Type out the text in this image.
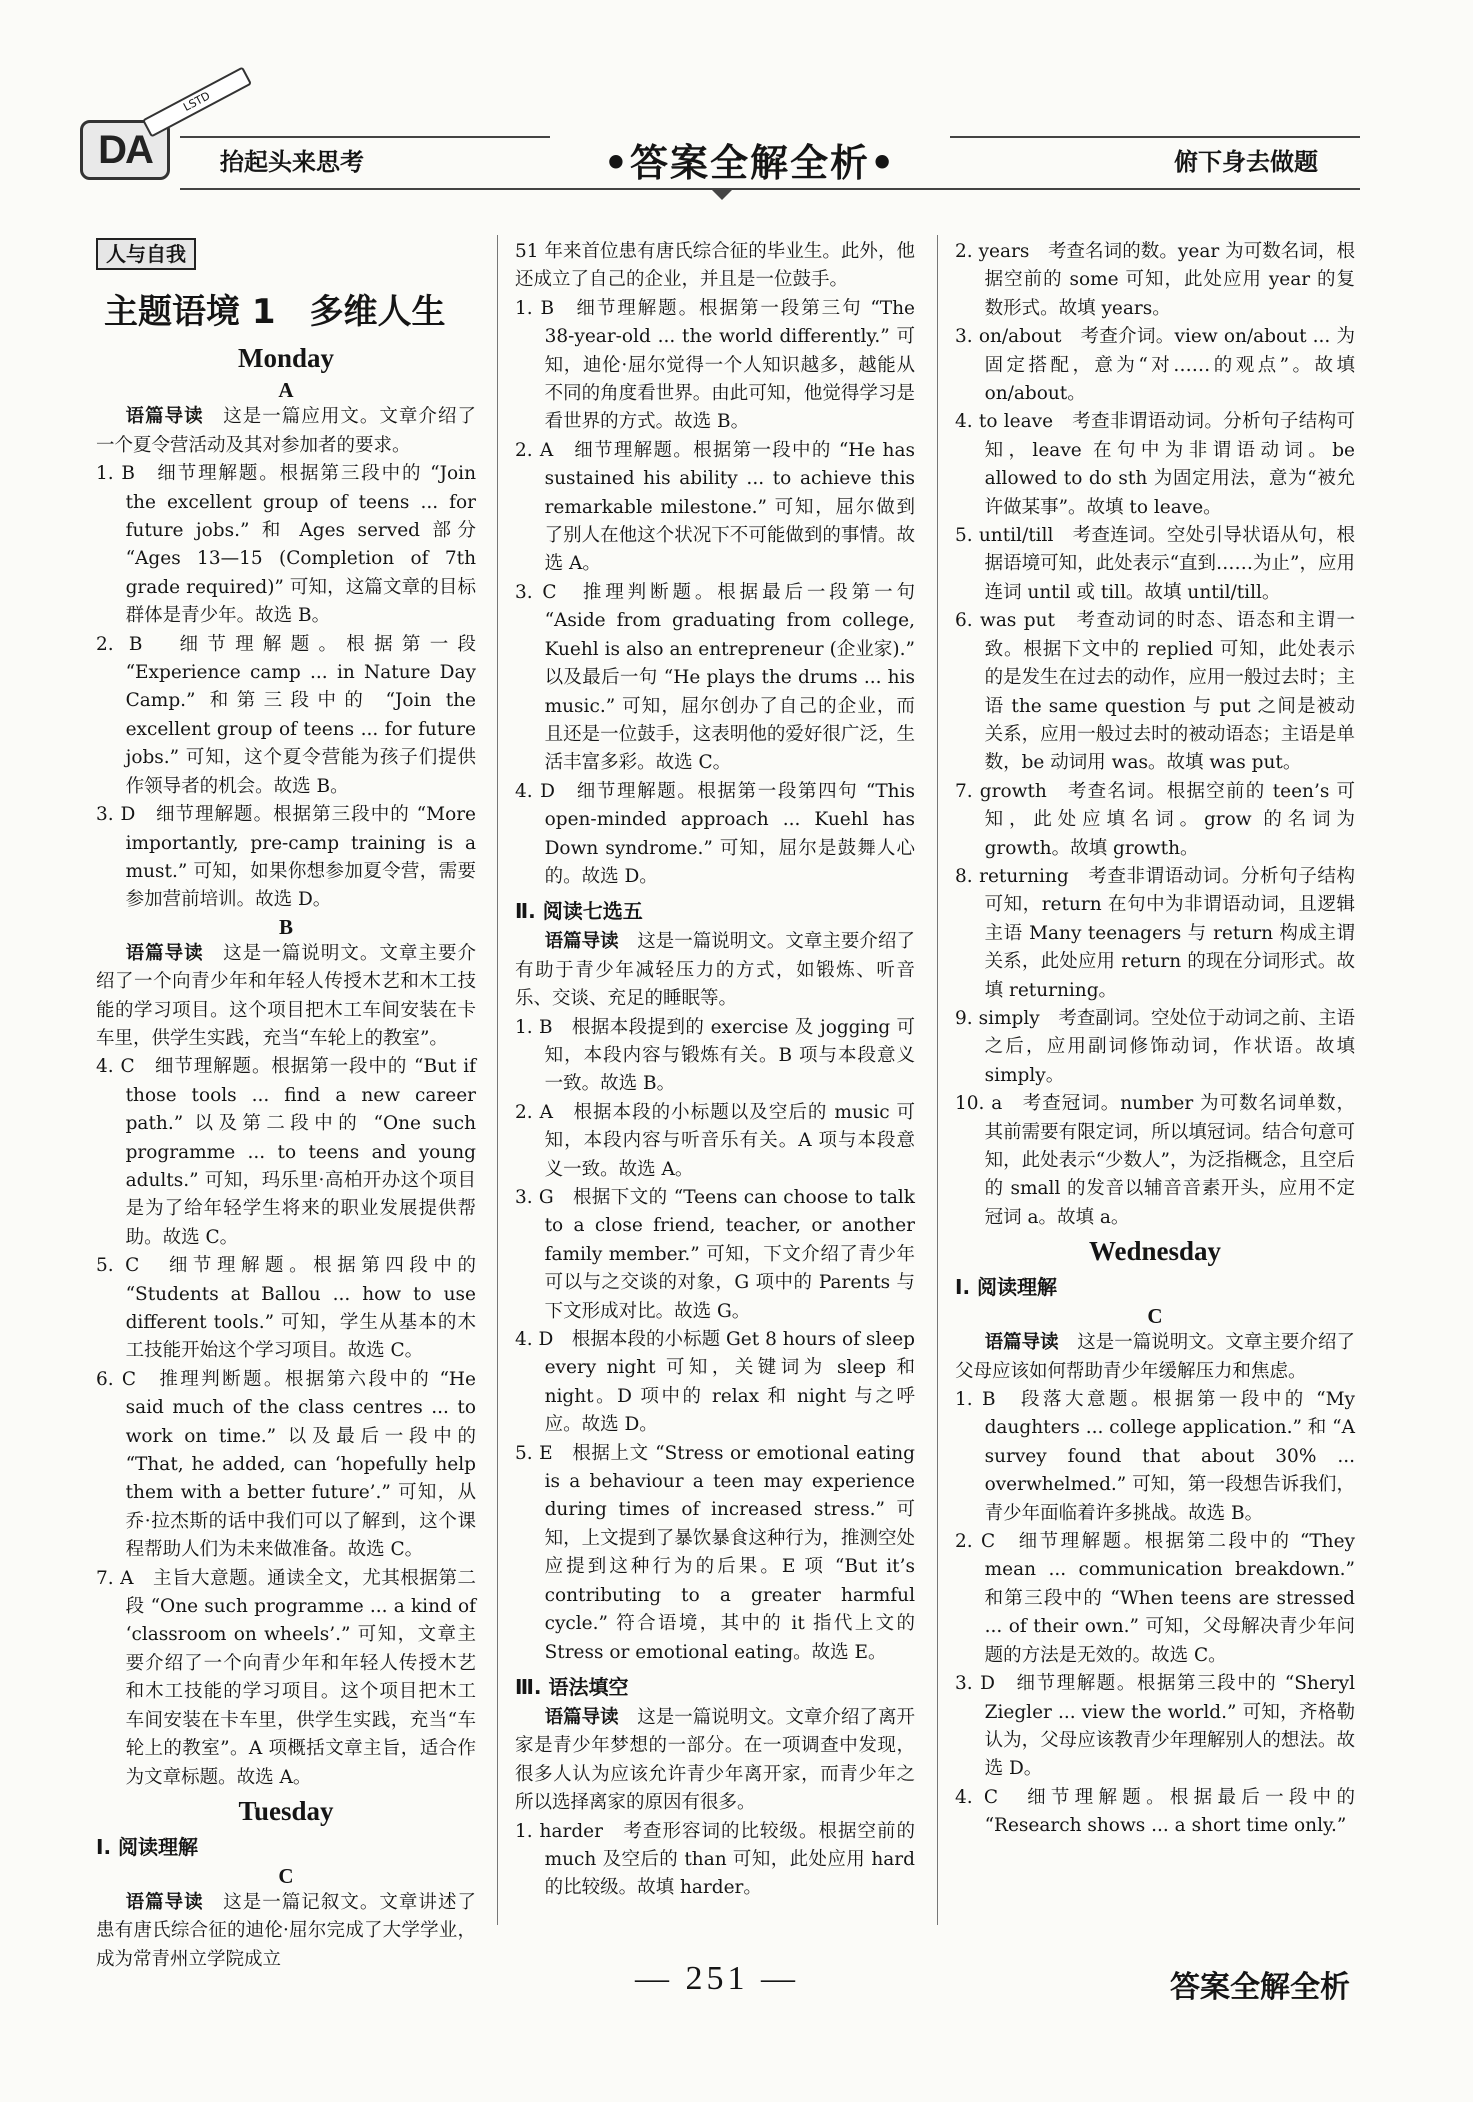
DA
LSTD
抬起头来思考	•答案全解全析•	俯下身去做题
人与自我
主题语境 1　多维人生
Monday
A

语篇导读　 这是一篇应用文。文章介绍了一个夏令营活动及其对参加者的要求。

1. B　细节理解题。根据第三段中的 “Join the excellent group of teens ... for future jobs.” 和 Ages served 部分 “Ages 13—15 (Completion of 7th grade required)” 可知，这篇文章的目标群体是青少年。故选 B。

2. B　细节理解题。根据第一段 “Experience camp ... in Nature Day Camp.” 和第三段中的 “Join the excellent group of teens ... for future jobs.” 可知，这个夏令营能为孩子们提供作领导者的机会。故选 B。

3. D　细节理解题。根据第三段中的 “More importantly, pre-camp training is a must.” 可知，如果你想参加夏令营，需要参加营前培训。故选 D。

B

语篇导读　 这是一篇说明文。文章主要介绍了一个向青少年和年轻人传授木艺和木工技能的学习项目。这个项目把木工车间安装在卡车里，供学生实践，充当“车轮上的教室”。

4. C　细节理解题。根据第一段中的 “But if those tools ... find a new career path.” 以及第二段中的 “One such programme ... to teens and young adults.” 可知，玛乐里·高柏开办这个项目是为了给年轻学生将来的职业发展提供帮助。故选 C。

5. C　细节理解题。根据第四段中的 “Students at Ballou ... how to use different tools.” 可知，学生从基本的木工技能开始这个学习项目。故选 C。

6. C　推理判断题。根据第六段中的 “He said much of the class centres ... to work on time.” 以及最后一段中的 “That, he added, can ‘hopefully help them with a better future’.” 可知，从乔·拉杰斯的话中我们可以了解到，这个课程帮助人们为未来做准备。故选 C。

7. A　主旨大意题。通读全文，尤其根据第二段 “One such programme ... a kind of ‘classroom on wheels’.” 可知，文章主要介绍了一个向青少年和年轻人传授木艺和木工技能的学习项目。这个项目把木工车间安装在卡车里，供学生实践，充当“车轮上的教室”。A 项概括文章主旨，适合作为文章标题。故选 A。

Tuesday
Ⅰ. 阅读理解
C

语篇导读　 这是一篇记叙文。文章讲述了患有唐氏综合征的迪伦·屈尔完成了大学学业，成为常青州立学院成立

51 年来首位患有唐氏综合征的毕业生。此外，他还成立了自己的企业，并且是一位鼓手。

1. B　细节理解题。根据第一段第三句 “The 38-year-old ... the world differently.” 可知，迪伦·屈尔觉得一个人知识越多，越能从不同的角度看世界。由此可知，他觉得学习是看世界的方式。故选 B。

2. A　细节理解题。根据第一段中的 “He has sustained his ability ... to achieve this remarkable milestone.” 可知，屈尔做到了别人在他这个状况下不可能做到的事情。故选 A。

3. C　推理判断题。根据最后一段第一句 “Aside from graduating from college, Kuehl is also an entrepreneur (企业家).” 以及最后一句 “He plays the drums ... his music.” 可知，屈尔创办了自己的企业，而且还是一位鼓手，这表明他的爱好很广泛，生活丰富多彩。故选 C。

4. D　细节理解题。根据第一段第四句 “This open-minded approach ... Kuehl has Down syndrome.” 可知，屈尔是鼓舞人心的。故选 D。

Ⅱ. 阅读七选五

语篇导读　 这是一篇说明文。文章主要介绍了有助于青少年减轻压力的方式，如锻炼、听音乐、交谈、充足的睡眠等。

1. B　根据本段提到的 exercise 及 jogging 可知，本段内容与锻炼有关。B 项与本段意义一致。故选 B。

2. A　根据本段的小标题以及空后的 music 可知，本段内容与听音乐有关。A 项与本段意义一致。故选 A。

3. G　根据下文的 “Teens can choose to talk to a close friend, teacher, or another family member.” 可知，下文介绍了青少年可以与之交谈的对象，G 项中的 Parents 与下文形成对比。故选 G。

4. D　根据本段的小标题 Get 8 hours of sleep every night 可知，关键词为 sleep 和 night。D 项中的 relax 和 night 与之呼应。故选 D。

5. E　根据上文 “Stress or emotional eating is a behaviour a teen may experience during times of increased stress.” 可知，上文提到了暴饮暴食这种行为，推测空处应提到这种行为的后果。E 项 “But it’s contributing to a greater harmful cycle.” 符合语境，其中的 it 指代上文的 Stress or emotional eating。故选 E。

Ⅲ. 语法填空

语篇导读　 这是一篇说明文。文章介绍了离开家是青少年梦想的一部分。在一项调查中发现，很多人认为应该允许青少年离开家，而青少年之所以选择离家的原因有很多。

1. harder　考查形容词的比较级。根据空前的 much 及空后的 than 可知，此处应用 hard 的比较级。故填 harder。

2. years　考查名词的数。year 为可数名词，根据空前的 some 可知，此处应用 year 的复数形式。故填 years。

3. on/about　考查介词。view on/about ... 为固定搭配，意为“对……的观点”。故填 on/about。

4. to leave　考查非谓语动词。分析句子结构可知，leave 在句中为非谓语动词。be allowed to do sth 为固定用法，意为“被允许做某事”。故填 to leave。

5. until/till　考查连词。空处引导状语从句，根据语境可知，此处表示“直到……为止”，应用连词 until 或 till。故填 until/till。

6. was put　考查动词的时态、语态和主谓一致。根据下文中的 replied 可知，此处表示的是发生在过去的动作，应用一般过去时；主语 the same question 与 put 之间是被动关系，应用一般过去时的被动语态；主语是单数，be 动词用 was。故填 was put。

7. growth　考查名词。根据空前的 teen’s 可知，此处应填名词。grow 的名词为 growth。故填 growth。

8. returning　考查非谓语动词。分析句子结构可知，return 在句中为非谓语动词，且逻辑主语 Many teenagers 与 return 构成主谓关系，此处应用 return 的现在分词形式。故填 returning。

9. simply　考查副词。空处位于动词之前、主语之后，应用副词修饰动词，作状语。故填 simply。

10. a　考查冠词。number 为可数名词单数，其前需要有限定词，所以填冠词。结合句意可知，此处表示“少数人”，为泛指概念，且空后的 small 的发音以辅音音素开头，应用不定冠词 a。故填 a。

Wednesday
Ⅰ. 阅读理解
C

语篇导读　 这是一篇说明文。文章主要介绍了父母应该如何帮助青少年缓解压力和焦虑。

1. B　段落大意题。根据第一段中的 “My daughters ... college application.” 和 “A survey found that about 30% ... overwhelmed.” 可知，第一段想告诉我们，青少年面临着许多挑战。故选 B。

2. C　细节理解题。根据第二段中的 “They mean ... communication breakdown.” 和第三段中的 “When teens are stressed ... of their own.” 可知，父母解决青少年问题的方法是无效的。故选 C。

3. D　细节理解题。根据第三段中的 “Sheryl Ziegler ... view the world.” 可知，齐格勒认为，父母应该教青少年理解别人的想法。故选 D。

4. C　细节理解题。根据最后一段中的 “Research shows ... a short time only.”

— 251 —	答案全解全析
